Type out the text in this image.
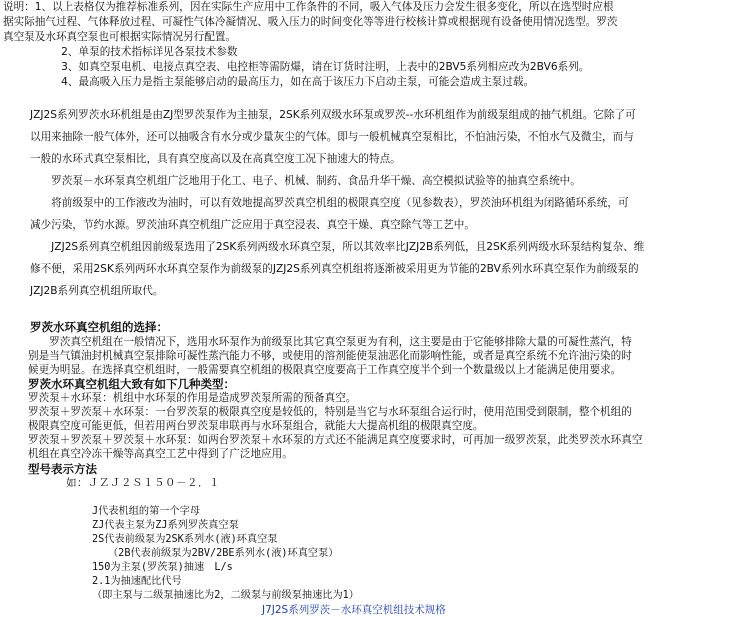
说明：1、以上表格仅为推荐标准系列，因在实际生产应用中工作条件的不同，吸入气体及压力会发生很多变化，所以在选型时应根
据实际抽气过程、气体释放过程、可凝性气体冷凝情况、吸入压力的时间变化等等进行校核计算或根据现有设备使用情况选型。罗茨
真空泵及水环真空泵也可根据实际情况另行配置。
　　2、单泵的技术指标详见各泵技术参数
　　3、如真空泵电机、电接点真空表、电控柜等需防爆，请在订货时注明，上表中的2BV5系列相应改为2BV6系列。
　　4、最高吸入压力是指主泵能够启动的最高压力，如在高于该压力下启动主泵，可能会造成主泵过载。
JZJ2S系列罗茨水环机组是由ZJ型罗茨泵作为主抽泵，2SK系列双级水环泵或罗茨--水环机组作为前级泵组成的抽气机组。它除了可
以用来抽除一般气体外，还可以抽吸含有水分或少量灰尘的气体。即与一般机械真空泵相比，不怕油污染，不怕水气及微尘，而与
一般的水环式真空泵相比，具有真空度高以及在高真空度工况下抽速大的特点。
　　罗茨泵－水环泵真空机组广泛地用于化工、电子、机械、制药、食品升华干燥、高空模拟试验等的抽真空系统中。
　　将前级泵中的工作液改为油时，可以有效地提高罗茨真空机组的极限真空度（见参数表），罗茨油环机组为闭路循环系统，可
减少污染，节约水源。罗茨油环真空机组广泛应用于真空浸表、真空干燥、真空除气等工艺中。
　　JZJ2S系列真空机组因前级泵选用了2SK系列两级水环真空泵，所以其效率比JZJ2B系列低，且2SK系列两级水环泵结构复杂、维
修不便，采用2SK系列两环水环真空泵作为前级泵的JZJ2S系列真空机组将逐渐被采用更为节能的2BV系列水环真空泵作为前级泵的
JZJ2B系列真空机组所取代。
罗茨水环真空机组的选择：
　　罗茨真空机组在一般情况下，选用水环泵作为前级泵比其它真空泵更为有利，这主要是由于它能够排除大量的可凝性蒸汽，特
别是当气镇油封机械真空泵排除可凝性蒸汽能力不够，或使用的溶剂能使泵油恶化而影响性能，或者是真空系统不允许油污染的时
候更为明显。在选择真空机组时，一般需要真空机组的极限真空度要高于工作真空度半个到一个数量级以上才能满足使用要求。
罗茨水环真空机组大致有如下几种类型：
罗茨泵＋水环泵：机组中水环泵的作用是造成罗茨泵所需的预备真空。
罗茨泵＋罗茨泵＋水环泵：一台罗茨泵的极限真空度是较低的，特别是当它与水环泵组合运行时，使用范围受到限制，整个机组的
极限真空度可能更低，但若用两台罗茨泵串联再与水环泵组合，就能大大提高机组的极限真空度。
罗茨泵＋罗茨泵＋罗茨泵＋水环泵：如两台罗茨泵＋水环泵的方式还不能满足真空度要求时，可再加一级罗茨泵，此类罗茨水环真空
机组在真空冷冻干燥等高真空工艺中得到了广泛地应用。
型号表示方法
如：ＪＺＪ２Ｓ１５０－２．１
J代表机组的第一个字母
ZJ代表主泵为ZJ系列罗茨真空泵
2S代表前级泵为2SK系列水(液)环真空泵
（2B代表前级泵为2BV/2BE系列水(液)环真空泵）
150为主泵(罗茨泵)抽速　L/s
2.1为抽速配比代号
（即主泵与二级泵抽速比为2，二级泵与前级泵抽速比为1）
J7J2S系列罗茨－水环真空机组技术规格
